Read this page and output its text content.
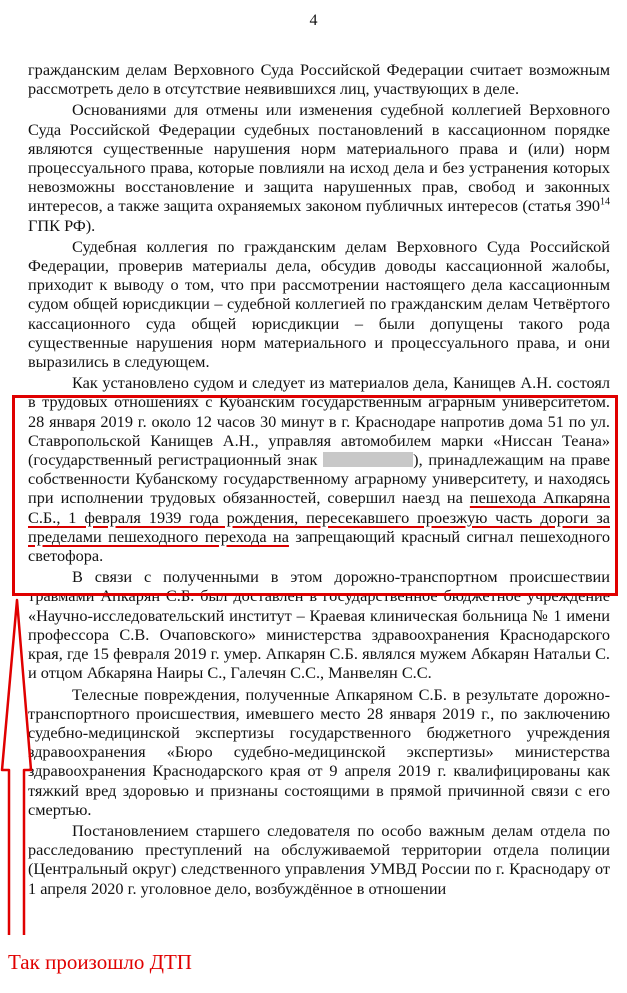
4

гражданским делам Верховного Суда Российской Федерации считает возможным рассмотреть дело в отсутствие неявившихся лиц, участвующих в деле.

Основаниями для отмены или изменения судебной коллегией Верховного Суда Российской Федерации судебных постановлений в кассационном порядке являются существенные нарушения норм материального права и (или) норм процессуального права, которые повлияли на исход дела и без устранения которых невозможны восстановление и защита нарушенных прав, свобод и законных интересов, а также защита охраняемых законом публичных интересов (статья $390^{14}$ ГПК РФ).

Судебная коллегия по гражданским делам Верховного Суда Российской Федерации, проверив материалы дела, обсудив доводы кассационной жалобы, приходит к выводу о том, что при рассмотрении настоящего дела кассационным судом общей юрисдикции – судебной коллегией по гражданским делам Четвёртого кассационного суда общей юрисдикции – были допущены такого рода существенные нарушения норм материального и процессуального права, и они выразились в следующем.

Как установлено судом и следует из материалов дела, Канищев А.Н. состоял в трудовых отношениях с Кубанским государственным аграрным университетом. 28 января 2019 г. около 12 часов 30 минут в г. Краснодаре напротив дома 51 по ул. Ставропольской Канищев А.Н., управляя автомобилем марки «Ниссан Теана» (государственный регистрационный знак	), принадлежащим на праве собственности Кубанскому государственному аграрному университету, и находясь при исполнении трудовых обязанностей, совершил наезд на пешехода Апкаряна С.Б., 1 февраля 1939 года рождения, пересекавшего проезжую часть дороги за пределами пешеходного перехода на запрещающий красный сигнал пешеходного светофора.

В связи с полученными в этом дорожно-транспортном происшествии травмами Апкарян С.Б. был доставлен в государственное бюджетное учреждение «Научно-исследовательский институт – Краевая клиническая больница № 1 имени профессора С.В. Очаповского» министерства здравоохранения Краснодарского края, где 15 февраля 2019 г. умер. Апкарян С.Б. являлся мужем Абкарян Натальи С. и отцом Абкаряна Наиры С., Галечян С.С., Манвелян С.С.

Телесные повреждения, полученные Апкаряном С.Б. в результате дорожно-транспортного происшествия, имевшего место 28 января 2019 г., по заключению судебно-медицинской экспертизы государственного бюджетного учреждения здравоохранения «Бюро судебно-медицинской экспертизы» министерства здравоохранения Краснодарского края от 9 апреля 2019 г. квалифицированы как тяжкий вред здоровью и признаны состоящими в прямой причинной связи с его смертью.

Постановлением старшего следователя по особо важным делам отдела по расследованию преступлений на обслуживаемой территории отдела полиции (Центральный округ) следственного управления УМВД России по г. Краснодару от 1 апреля 2020 г. уголовное дело, возбуждённое в отношении

Так произошло ДТП
